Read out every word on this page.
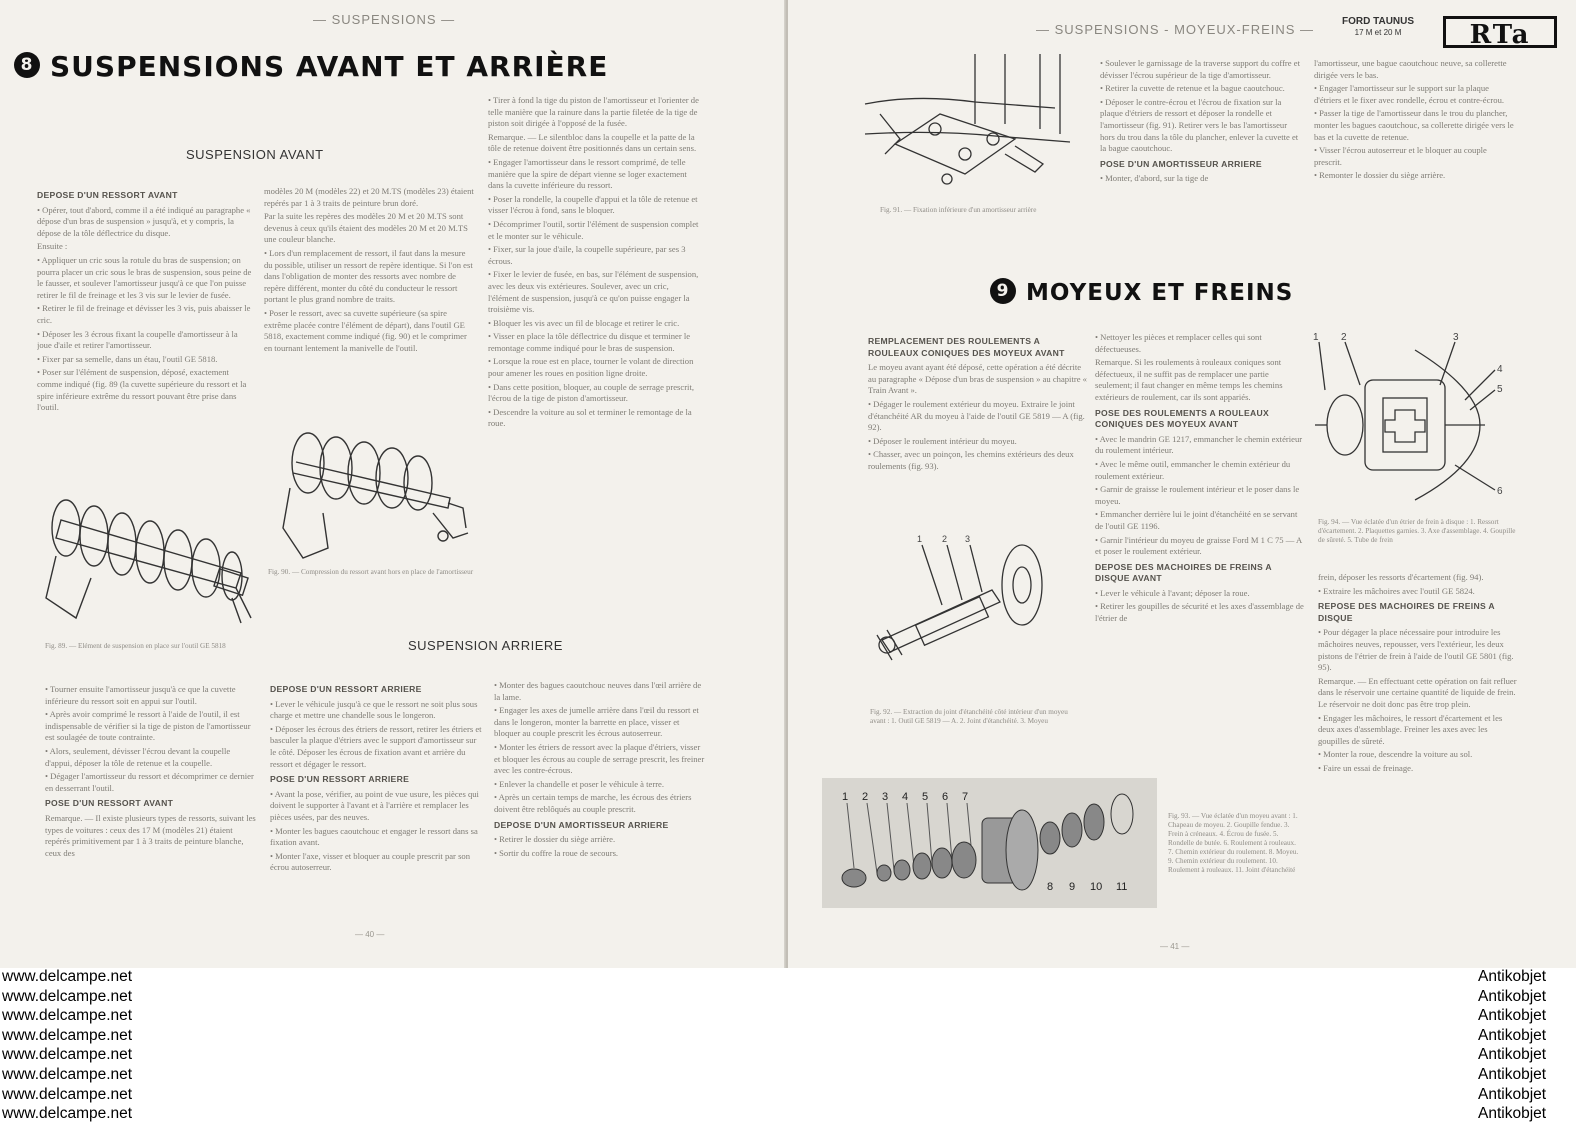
— SUSPENSIONS —
8 SUSPENSIONS AVANT ET ARRIÈRE
SUSPENSION AVANT
DEPOSE D'UN RESSORT AVANT

• Opérer, tout d'abord, comme il a été indiqué au paragraphe « dépose d'un bras de suspension » jusqu'à, et y compris, la dépose de la tôle déflectrice du disque.

Ensuite :

• Appliquer un cric sous la rotule du bras de suspension; on pourra placer un cric sous le bras de suspension, sous peine de le fausser, et soulever l'amortisseur jusqu'à ce que l'on puisse retirer le fil de freinage et les 3 vis sur le levier de fusée.

• Retirer le fil de freinage et dévisser les 3 vis, puis abaisser le cric.

• Déposer les 3 écrous fixant la coupelle d'amortisseur à la joue d'aile et retirer l'amortisseur.

• Fixer par sa semelle, dans un étau, l'outil GE 5818.

• Poser sur l'élément de suspension, déposé, exactement comme indiqué (fig. 89 (la cuvette supérieure du ressort et la spire inférieure extrême du ressort pouvant être prise dans l'outil.

modèles 20 M (modèles 22) et 20 M.TS (modèles 23) étaient repérés par 1 à 3 traits de peinture brun doré.

Par la suite les repères des modèles 20 M et 20 M.TS sont devenus à ceux qu'ils étaient des modèles 20 M et 20 M.TS une couleur blanche.

• Lors d'un remplacement de ressort, il faut dans la mesure du possible, utiliser un ressort de repère identique. Si l'on est dans l'obligation de monter des ressorts avec nombre de repère différent, monter du côté du conducteur le ressort portant le plus grand nombre de traits.

• Poser le ressort, avec sa cuvette supérieure (sa spire extrême placée contre l'élément de départ), dans l'outil GE 5818, exactement comme indiqué (fig. 90) et le comprimer en tournant lentement la manivelle de l'outil.

• Tirer à fond la tige du piston de l'amortisseur et l'orienter de telle manière que la rainure dans la partie filetée de la tige de piston soit dirigée à l'opposé de la fusée.

Remarque. — Le silentbloc dans la coupelle et la patte de la tôle de retenue doivent être positionnés dans un certain sens.

• Engager l'amortisseur dans le ressort comprimé, de telle manière que la spire de départ vienne se loger exactement dans la cuvette inférieure du ressort.

• Poser la rondelle, la coupelle d'appui et la tôle de retenue et visser l'écrou à fond, sans le bloquer.

• Décomprimer l'outil, sortir l'élément de suspension complet et le monter sur le véhicule.

• Fixer, sur la joue d'aile, la coupelle supérieure, par ses 3 écrous.

• Fixer le levier de fusée, en bas, sur l'élément de suspension, avec les deux vis extérieures. Soulever, avec un cric, l'élément de suspension, jusqu'à ce qu'on puisse engager la troisième vis.

• Bloquer les vis avec un fil de blocage et retirer le cric.

• Visser en place la tôle déflectrice du disque et terminer le remontage comme indiqué pour le bras de suspension.

• Lorsque la roue est en place, tourner le volant de direction pour amener les roues en position ligne droite.

• Dans cette position, bloquer, au couple de serrage prescrit, l'écrou de la tige de piston d'amortisseur.

• Descendre la voiture au sol et terminer le remontage de la roue.

Fig. 89. — Elément de suspension en place sur l'outil GE 5818
Fig. 90. — Compression du ressort avant hors en place de l'amortisseur
SUSPENSION ARRIERE

• Tourner ensuite l'amortisseur jusqu'à ce que la cuvette inférieure du ressort soit en appui sur l'outil.

• Après avoir comprimé le ressort à l'aide de l'outil, il est indispensable de vérifier si la tige de piston de l'amortisseur est soulagée de toute contrainte.

• Alors, seulement, dévisser l'écrou devant la coupelle d'appui, déposer la tôle de retenue et la coupelle.

• Dégager l'amortisseur du ressort et décomprimer ce dernier en desserrant l'outil.

POSE D'UN RESSORT AVANT

Remarque. — Il existe plusieurs types de ressorts, suivant les types de voitures : ceux des 17 M (modèles 21) étaient repérés primitivement par 1 à 3 traits de peinture blanche, ceux des

DEPOSE D'UN RESSORT ARRIERE

• Lever le véhicule jusqu'à ce que le ressort ne soit plus sous charge et mettre une chandelle sous le longeron.

• Déposer les écrous des étriers de ressort, retirer les étriers et basculer la plaque d'étriers avec le support d'amortisseur sur le côté. Déposer les écrous de fixation avant et arrière du ressort et dégager le ressort.

POSE D'UN RESSORT ARRIERE

• Avant la pose, vérifier, au point de vue usure, les pièces qui doivent le supporter à l'avant et à l'arrière et remplacer les pièces usées, par des neuves.

• Monter les bagues caoutchouc et engager le ressort dans sa fixation avant.

• Monter l'axe, visser et bloquer au couple prescrit par son écrou autoserreur.

• Monter des bagues caoutchouc neuves dans l'œil arrière de la lame.

• Engager les axes de jumelle arrière dans l'œil du ressort et dans le longeron, monter la barrette en place, visser et bloquer au couple prescrit les écrous autoserreur.

• Monter les étriers de ressort avec la plaque d'étriers, visser et bloquer les écrous au couple de serrage prescrit, les freiner avec les contre-écrous.

• Enlever la chandelle et poser le véhicule à terre.

• Après un certain temps de marche, les écrous des étriers doivent être reblôqués au couple prescrit.

DEPOSE D'UN AMORTISSEUR ARRIERE

• Retirer le dossier du siège arrière.

• Sortir du coffre la roue de secours.

— 40 —
— SUSPENSIONS - MOYEUX-FREINS —
FORD TAUNUS
17 M et 20 M	RTa
Fig. 91. — Fixation inférieure d'un amortisseur arrière

• Soulever le garnissage de la traverse support du coffre et dévisser l'écrou supérieur de la tige d'amortisseur.

• Retirer la cuvette de retenue et la bague caoutchouc.

• Déposer le contre-écrou et l'écrou de fixation sur la plaque d'étriers de ressort et déposer la rondelle et l'amortisseur (fig. 91). Retirer vers le bas l'amortisseur hors du trou dans la tôle du plancher, enlever la cuvette et la bague caoutchouc.

POSE D'UN AMORTISSEUR ARRIERE

• Monter, d'abord, sur la tige de

l'amortisseur, une bague caoutchouc neuve, sa collerette dirigée vers le bas.

• Engager l'amortisseur sur le support sur la plaque d'étriers et le fixer avec rondelle, écrou et contre-écrou.

• Passer la tige de l'amortisseur dans le trou du plancher, monter les bagues caoutchouc, sa collerette dirigée vers le bas et la cuvette de retenue.

• Visser l'écrou autoserreur et le bloquer au couple prescrit.

• Remonter le dossier du siège arrière.

9 MOYEUX ET FREINS
REMPLACEMENT DES ROULEMENTS A ROULEAUX CONIQUES DES MOYEUX AVANT

Le moyeu avant ayant été déposé, cette opération a été décrite au paragraphe « Dépose d'un bras de suspension » au chapitre « Train Avant ».

• Dégager le roulement extérieur du moyeu. Extraire le joint d'étanchéité AR du moyeu à l'aide de l'outil GE 5819 — A (fig. 92).

• Déposer le roulement intérieur du moyeu.

• Chasser, avec un poinçon, les chemins extérieurs des deux roulements (fig. 93).

1 2 3
Fig. 92. — Extraction du joint d'étanchéité côté intérieur d'un moyeu avant : 1. Outil GE 5819 — A. 2. Joint d'étanchéité. 3. Moyeu

• Nettoyer les pièces et remplacer celles qui sont défectueuses.

Remarque. Si les roulements à rouleaux coniques sont défectueux, il ne suffit pas de remplacer une partie seulement; il faut changer en même temps les chemins extérieurs de roulement, car ils sont appariés.

POSE DES ROULEMENTS A ROULEAUX CONIQUES DES MOYEUX AVANT

• Avec le mandrin GE 1217, emmancher le chemin extérieur du roulement intérieur.

• Avec le même outil, emmancher le chemin extérieur du roulement extérieur.

• Garnir de graisse le roulement intérieur et le poser dans le moyeu.

• Emmancher derrière lui le joint d'étanchéité en se servant de l'outil GE 1196.

• Garnir l'intérieur du moyeu de graisse Ford M 1 C 75 — A et poser le roulement extérieur.

DEPOSE DES MACHOIRES DE FREINS A DISQUE AVANT

• Lever le véhicule à l'avant; déposer la roue.

• Retirer les goupilles de sécurité et les axes d'assemblage de l'étrier de

1 2	3
4
5
6
Fig. 94. — Vue éclatée d'un étrier de frein à disque : 1. Ressort d'écartement. 2. Plaquettes garnies. 3. Axe d'assemblage. 4. Goupille de sûreté. 5. Tube de frein

frein, déposer les ressorts d'écartement (fig. 94).

• Extraire les mâchoires avec l'outil GE 5824.

REPOSE DES MACHOIRES DE FREINS A DISQUE

• Pour dégager la place nécessaire pour introduire les mâchoires neuves, repousser, vers l'extérieur, les deux pistons de l'étrier de frein à l'aide de l'outil GE 5801 (fig. 95).

Remarque. — En effectuant cette opération on fait refluer dans le réservoir une certaine quantité de liquide de frein. Le réservoir ne doit donc pas être trop plein.

• Engager les mâchoires, le ressort d'écartement et les deux axes d'assemblage. Freiner les axes avec les goupilles de sûreté.

• Monter la roue, descendre la voiture au sol.

• Faire un essai de freinage.

1 2 3 4 5 6 7
8 9 10 11
Fig. 93. — Vue éclatée d'un moyeu avant : 1. Chapeau de moyeu. 2. Goupille fendue. 3. Frein à créneaux. 4. Écrou de fusée. 5. Rondelle de butée. 6. Roulement à rouleaux. 7. Chemin extérieur du roulement. 8. Moyeu. 9. Chemin extérieur du roulement. 10. Roulement à rouleaux. 11. Joint d'étanchéité
— 41 —
www.delcampe.net
www.delcampe.net
www.delcampe.net
www.delcampe.net
www.delcampe.net
www.delcampe.net
www.delcampe.net
www.delcampe.net
Antikobjet
Antikobjet
Antikobjet
Antikobjet
Antikobjet
Antikobjet
Antikobjet
Antikobjet
